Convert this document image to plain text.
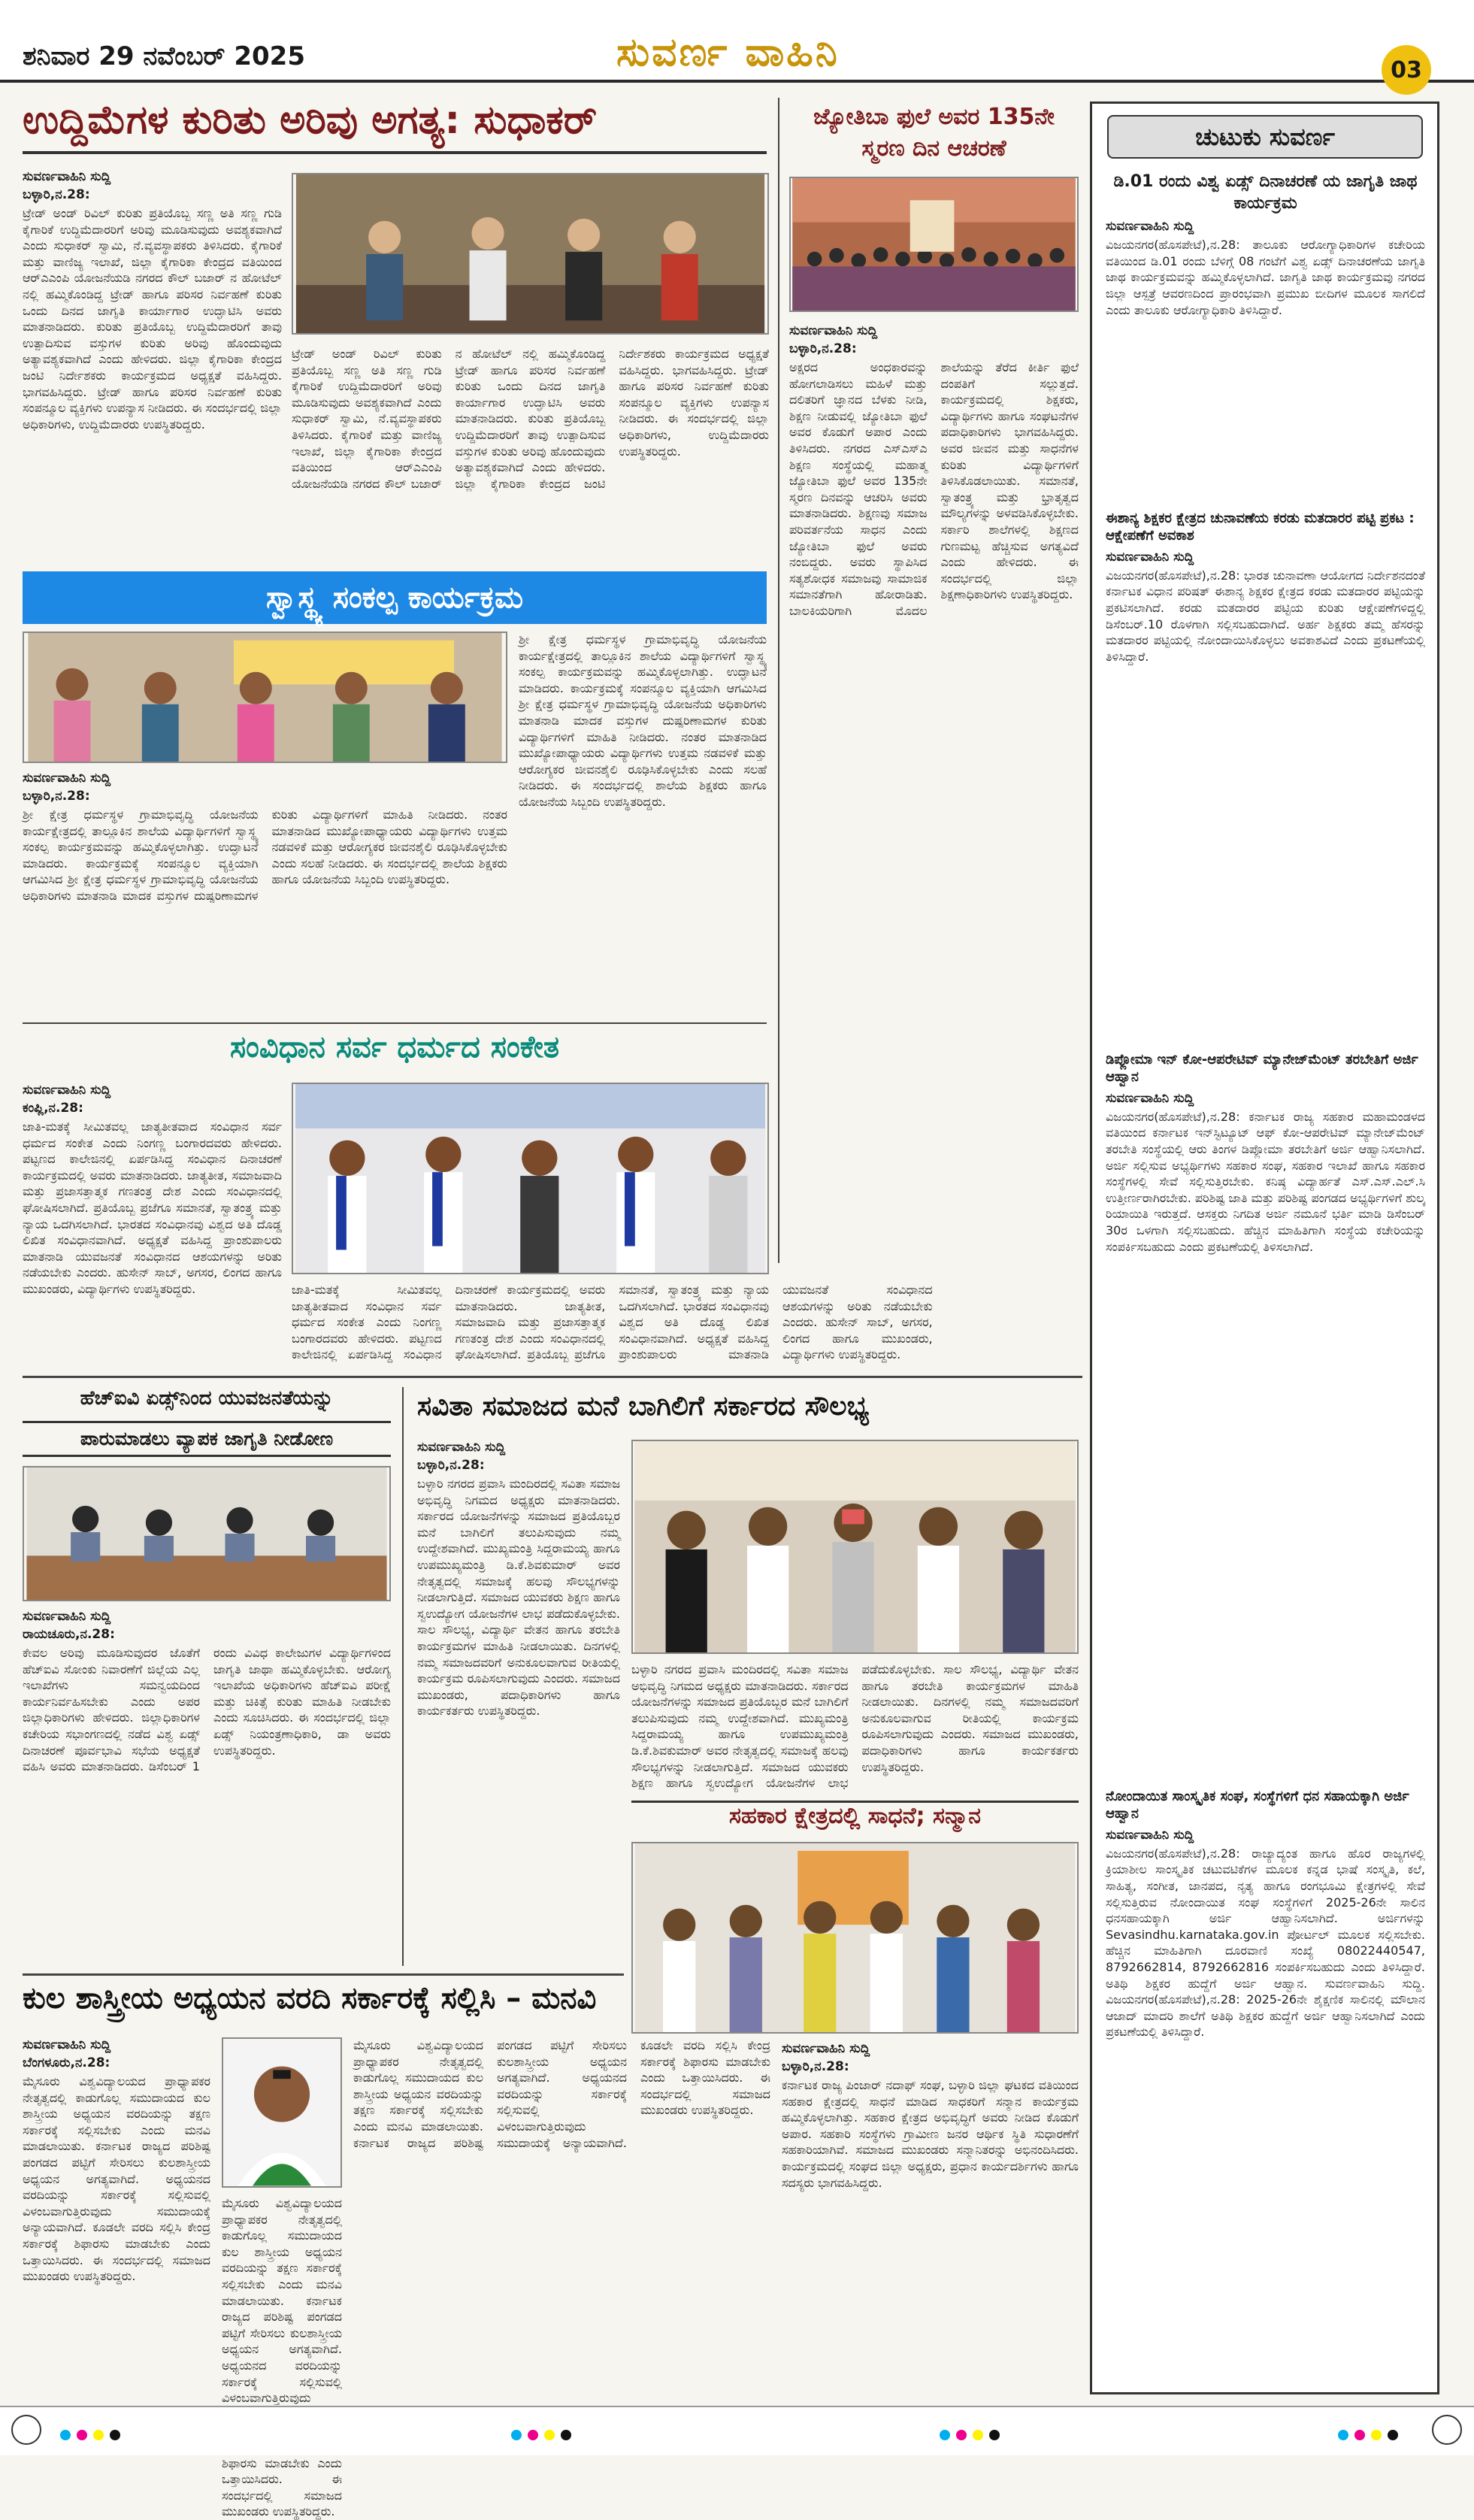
ಶನಿವಾರ 29 ನವೆಂಬರ್ 2025	ಸುವರ್ಣ ವಾಹಿನಿ	03
ಉದ್ದಿಮೆಗಳ ಕುರಿತು ಅರಿವು ಅಗತ್ಯ: ಸುಧಾಕರ್
ಸುವರ್ಣವಾಹಿನಿ ಸುದ್ದಿ
ಬಳ್ಳಾರಿ,ನ.28:
ಟ್ರೇಡ್ ಅಂಡ್ ರಿವಿಲ್ ಕುರಿತು ಪ್ರತಿಯೊಬ್ಬ ಸಣ್ಣ ಅತಿ ಸಣ್ಣ ಗುಡಿ ಕೈಗಾರಿಕೆ ಉದ್ದಿಮೆದಾರರಿಗೆ ಅರಿವು ಮೂಡಿಸುವುದು ಅವಶ್ಯಕವಾಗಿದೆ ಎಂದು ಸುಧಾಕರ್ ಸ್ವಾಮಿ, ನೆ.ವ್ಯವಸ್ಥಾಪಕರು ತಿಳಿಸಿದರು. ಕೈಗಾರಿಕೆ ಮತ್ತು ವಾಣಿಜ್ಯ ಇಲಾಖೆ, ಜಿಲ್ಲಾ ಕೈಗಾರಿಕಾ ಕೇಂದ್ರದ ವತಿಯಿಂದ ಆರ್‌ಎಎಂಪಿ ಯೋಜನೆಯಡಿ ನಗರದ ಕೌಲ್ ಬಜಾರ್ ನ ಹೋಟೆಲ್ ನಲ್ಲಿ ಹಮ್ಮಿಕೊಂಡಿದ್ದ ಟ್ರೇಡ್ ಹಾಗೂ ಪರಿಸರ ನಿರ್ವಹಣೆ ಕುರಿತು ಒಂದು ದಿನದ ಜಾಗೃತಿ ಕಾರ್ಯಾಗಾರ ಉದ್ಘಾಟಿಸಿ ಅವರು ಮಾತನಾಡಿದರು. ಕುರಿತು ಪ್ರತಿಯೊಬ್ಬ ಉದ್ದಿಮೆದಾರರಿಗೆ ತಾವು ಉತ್ಪಾದಿಸುವ ವಸ್ತುಗಳ ಕುರಿತು ಅರಿವು ಹೊಂದುವುದು ಅತ್ಯಾವಶ್ಯಕವಾಗಿದೆ ಎಂದು ಹೇಳಿದರು. ಜಿಲ್ಲಾ ಕೈಗಾರಿಕಾ ಕೇಂದ್ರದ ಜಂಟಿ ನಿರ್ದೇಶಕರು ಕಾರ್ಯಕ್ರಮದ ಅಧ್ಯಕ್ಷತೆ ವಹಿಸಿದ್ದರು. ಭಾಗವಹಿಸಿದ್ದರು. ಟ್ರೇಡ್ ಹಾಗೂ ಪರಿಸರ ನಿರ್ವಹಣೆ ಕುರಿತು ಸಂಪನ್ಮೂಲ ವ್ಯಕ್ತಿಗಳು ಉಪನ್ಯಾಸ ನೀಡಿದರು. ಈ ಸಂದರ್ಭದಲ್ಲಿ ಜಿಲ್ಲಾ ಅಧಿಕಾರಿಗಳು, ಉದ್ದಿಮೆದಾರರು ಉಪಸ್ಥಿತರಿದ್ದರು.
ಟ್ರೇಡ್ ಅಂಡ್ ರಿವಿಲ್ ಕುರಿತು ಪ್ರತಿಯೊಬ್ಬ ಸಣ್ಣ ಅತಿ ಸಣ್ಣ ಗುಡಿ ಕೈಗಾರಿಕೆ ಉದ್ದಿಮೆದಾರರಿಗೆ ಅರಿವು ಮೂಡಿಸುವುದು ಅವಶ್ಯಕವಾಗಿದೆ ಎಂದು ಸುಧಾಕರ್ ಸ್ವಾಮಿ, ನೆ.ವ್ಯವಸ್ಥಾಪಕರು ತಿಳಿಸಿದರು. ಕೈಗಾರಿಕೆ ಮತ್ತು ವಾಣಿಜ್ಯ ಇಲಾಖೆ, ಜಿಲ್ಲಾ ಕೈಗಾರಿಕಾ ಕೇಂದ್ರದ ವತಿಯಿಂದ ಆರ್‌ಎಎಂಪಿ ಯೋಜನೆಯಡಿ ನಗರದ ಕೌಲ್ ಬಜಾರ್ ನ ಹೋಟೆಲ್ ನಲ್ಲಿ ಹಮ್ಮಿಕೊಂಡಿದ್ದ ಟ್ರೇಡ್ ಹಾಗೂ ಪರಿಸರ ನಿರ್ವಹಣೆ ಕುರಿತು ಒಂದು ದಿನದ ಜಾಗೃತಿ ಕಾರ್ಯಾಗಾರ ಉದ್ಘಾಟಿಸಿ ಅವರು ಮಾತನಾಡಿದರು. ಕುರಿತು ಪ್ರತಿಯೊಬ್ಬ ಉದ್ದಿಮೆದಾರರಿಗೆ ತಾವು ಉತ್ಪಾದಿಸುವ ವಸ್ತುಗಳ ಕುರಿತು ಅರಿವು ಹೊಂದುವುದು ಅತ್ಯಾವಶ್ಯಕವಾಗಿದೆ ಎಂದು ಹೇಳಿದರು. ಜಿಲ್ಲಾ ಕೈಗಾರಿಕಾ ಕೇಂದ್ರದ ಜಂಟಿ ನಿರ್ದೇಶಕರು ಕಾರ್ಯಕ್ರಮದ ಅಧ್ಯಕ್ಷತೆ ವಹಿಸಿದ್ದರು. ಭಾಗವಹಿಸಿದ್ದರು. ಟ್ರೇಡ್ ಹಾಗೂ ಪರಿಸರ ನಿರ್ವಹಣೆ ಕುರಿತು ಸಂಪನ್ಮೂಲ ವ್ಯಕ್ತಿಗಳು ಉಪನ್ಯಾಸ ನೀಡಿದರು. ಈ ಸಂದರ್ಭದಲ್ಲಿ ಜಿಲ್ಲಾ ಅಧಿಕಾರಿಗಳು, ಉದ್ದಿಮೆದಾರರು ಉಪಸ್ಥಿತರಿದ್ದರು.
ಜ್ಯೋತಿಬಾ ಫುಲೆ ಅವರ 135ನೇ ಸ್ಮರಣ ದಿನ ಆಚರಣೆ
ಸುವರ್ಣವಾಹಿನಿ ಸುದ್ದಿ
ಬಳ್ಳಾರಿ,ನ.28:
ಅಕ್ಷರದ ಅಂಧಕಾರವನ್ನು ಹೋಗಲಾಡಿಸಲು ಮಹಿಳೆ ಮತ್ತು ದಲಿತರಿಗೆ ಜ್ಞಾನದ ಬೆಳಕು ನೀಡಿ, ಶಿಕ್ಷಣ ನೀಡುವಲ್ಲಿ ಜ್ಯೋತಿಬಾ ಫುಲೆ ಅವರ ಕೊಡುಗೆ ಅಪಾರ ಎಂದು ತಿಳಿಸಿದರು. ನಗರದ ಎಸ್ಎಸ್ಎ ಶಿಕ್ಷಣ ಸಂಸ್ಥೆಯಲ್ಲಿ ಮಹಾತ್ಮ ಜ್ಯೋತಿಬಾ ಫುಲೆ ಅವರ 135ನೇ ಸ್ಮರಣ ದಿನವನ್ನು ಆಚರಿಸಿ ಅವರು ಮಾತನಾಡಿದರು. ಶಿಕ್ಷಣವು ಸಮಾಜ ಪರಿವರ್ತನೆಯ ಸಾಧನ ಎಂದು ಜ್ಯೋತಿಬಾ ಫುಲೆ ಅವರು ನಂಬಿದ್ದರು. ಅವರು ಸ್ಥಾಪಿಸಿದ ಸತ್ಯಶೋಧಕ ಸಮಾಜವು ಸಾಮಾಜಿಕ ಸಮಾನತೆಗಾಗಿ ಹೋರಾಡಿತು. ಬಾಲಕಿಯರಿಗಾಗಿ ಮೊದಲ ಶಾಲೆಯನ್ನು ತೆರೆದ ಕೀರ್ತಿ ಫುಲೆ ದಂಪತಿಗೆ ಸಲ್ಲುತ್ತದೆ. ಕಾರ್ಯಕ್ರಮದಲ್ಲಿ ಶಿಕ್ಷಕರು, ವಿದ್ಯಾರ್ಥಿಗಳು ಹಾಗೂ ಸಂಘಟನೆಗಳ ಪದಾಧಿಕಾರಿಗಳು ಭಾಗವಹಿಸಿದ್ದರು. ಅವರ ಜೀವನ ಮತ್ತು ಸಾಧನೆಗಳ ಕುರಿತು ವಿದ್ಯಾರ್ಥಿಗಳಿಗೆ ತಿಳಿಸಿಕೊಡಲಾಯಿತು. ಸಮಾನತೆ, ಸ್ವಾತಂತ್ರ್ಯ ಮತ್ತು ಭ್ರಾತೃತ್ವದ ಮೌಲ್ಯಗಳನ್ನು ಅಳವಡಿಸಿಕೊಳ್ಳಬೇಕು. ಸರ್ಕಾರಿ ಶಾಲೆಗಳಲ್ಲಿ ಶಿಕ್ಷಣದ ಗುಣಮಟ್ಟ ಹೆಚ್ಚಿಸುವ ಅಗತ್ಯವಿದೆ ಎಂದು ಹೇಳಿದರು. ಈ ಸಂದರ್ಭದಲ್ಲಿ ಜಿಲ್ಲಾ ಶಿಕ್ಷಣಾಧಿಕಾರಿಗಳು ಉಪಸ್ಥಿತರಿದ್ದರು.
ಸ್ವಾಸ್ಥ್ಯ ಸಂಕಲ್ಪ ಕಾರ್ಯಕ್ರಮ
ಸುವರ್ಣವಾಹಿನಿ ಸುದ್ದಿ
ಬಳ್ಳಾರಿ,ನ.28:
ಶ್ರೀ ಕ್ಷೇತ್ರ ಧರ್ಮಸ್ಥಳ ಗ್ರಾಮಾಭಿವೃದ್ಧಿ ಯೋಜನೆಯ ಕಾರ್ಯಕ್ಷೇತ್ರದಲ್ಲಿ ತಾಲ್ಲೂಕಿನ ಶಾಲೆಯ ವಿದ್ಯಾರ್ಥಿಗಳಿಗೆ ಸ್ವಾಸ್ಥ್ಯ ಸಂಕಲ್ಪ ಕಾರ್ಯಕ್ರಮವನ್ನು ಹಮ್ಮಿಕೊಳ್ಳಲಾಗಿತ್ತು. ಉದ್ಘಾಟನೆ ಮಾಡಿದರು. ಕಾರ್ಯಕ್ರಮಕ್ಕೆ ಸಂಪನ್ಮೂಲ ವ್ಯಕ್ತಿಯಾಗಿ ಆಗಮಿಸಿದ ಶ್ರೀ ಕ್ಷೇತ್ರ ಧರ್ಮಸ್ಥಳ ಗ್ರಾಮಾಭಿವೃದ್ಧಿ ಯೋಜನೆಯ ಅಧಿಕಾರಿಗಳು ಮಾತನಾಡಿ ಮಾದಕ ವಸ್ತುಗಳ ದುಷ್ಪರಿಣಾಮಗಳ ಕುರಿತು ವಿದ್ಯಾರ್ಥಿಗಳಿಗೆ ಮಾಹಿತಿ ನೀಡಿದರು. ನಂತರ ಮಾತನಾಡಿದ ಮುಖ್ಯೋಪಾಧ್ಯಾಯರು ವಿದ್ಯಾರ್ಥಿಗಳು ಉತ್ತಮ ನಡವಳಿಕೆ ಮತ್ತು ಆರೋಗ್ಯಕರ ಜೀವನಶೈಲಿ ರೂಢಿಸಿಕೊಳ್ಳಬೇಕು ಎಂದು ಸಲಹೆ ನೀಡಿದರು. ಈ ಸಂದರ್ಭದಲ್ಲಿ ಶಾಲೆಯ ಶಿಕ್ಷಕರು ಹಾಗೂ ಯೋಜನೆಯ ಸಿಬ್ಬಂದಿ ಉಪಸ್ಥಿತರಿದ್ದರು.
ಶ್ರೀ ಕ್ಷೇತ್ರ ಧರ್ಮಸ್ಥಳ ಗ್ರಾಮಾಭಿವೃದ್ಧಿ ಯೋಜನೆಯ ಕಾರ್ಯಕ್ಷೇತ್ರದಲ್ಲಿ ತಾಲ್ಲೂಕಿನ ಶಾಲೆಯ ವಿದ್ಯಾರ್ಥಿಗಳಿಗೆ ಸ್ವಾಸ್ಥ್ಯ ಸಂಕಲ್ಪ ಕಾರ್ಯಕ್ರಮವನ್ನು ಹಮ್ಮಿಕೊಳ್ಳಲಾಗಿತ್ತು. ಉದ್ಘಾಟನೆ ಮಾಡಿದರು. ಕಾರ್ಯಕ್ರಮಕ್ಕೆ ಸಂಪನ್ಮೂಲ ವ್ಯಕ್ತಿಯಾಗಿ ಆಗಮಿಸಿದ ಶ್ರೀ ಕ್ಷೇತ್ರ ಧರ್ಮಸ್ಥಳ ಗ್ರಾಮಾಭಿವೃದ್ಧಿ ಯೋಜನೆಯ ಅಧಿಕಾರಿಗಳು ಮಾತನಾಡಿ ಮಾದಕ ವಸ್ತುಗಳ ದುಷ್ಪರಿಣಾಮಗಳ ಕುರಿತು ವಿದ್ಯಾರ್ಥಿಗಳಿಗೆ ಮಾಹಿತಿ ನೀಡಿದರು. ನಂತರ ಮಾತನಾಡಿದ ಮುಖ್ಯೋಪಾಧ್ಯಾಯರು ವಿದ್ಯಾರ್ಥಿಗಳು ಉತ್ತಮ ನಡವಳಿಕೆ ಮತ್ತು ಆರೋಗ್ಯಕರ ಜೀವನಶೈಲಿ ರೂಢಿಸಿಕೊಳ್ಳಬೇಕು ಎಂದು ಸಲಹೆ ನೀಡಿದರು. ಈ ಸಂದರ್ಭದಲ್ಲಿ ಶಾಲೆಯ ಶಿಕ್ಷಕರು ಹಾಗೂ ಯೋಜನೆಯ ಸಿಬ್ಬಂದಿ ಉಪಸ್ಥಿತರಿದ್ದರು.
ಸಂವಿಧಾನ ಸರ್ವ ಧರ್ಮದ ಸಂಕೇತ
ಸುವರ್ಣವಾಹಿನಿ ಸುದ್ದಿ
ಕಂಪ್ಲಿ,ನ.28:
ಜಾತಿ-ಮತಕ್ಕೆ ಸೀಮಿತವಲ್ಲ ಜಾತ್ಯತೀತವಾದ ಸಂವಿಧಾನ ಸರ್ವ ಧರ್ಮದ ಸಂಕೇತ ಎಂದು ನಿಂಗಣ್ಣ ಬಂಗಾರದವರು ಹೇಳಿದರು. ಪಟ್ಟಣದ ಕಾಲೇಜಿನಲ್ಲಿ ಏರ್ಪಡಿಸಿದ್ದ ಸಂವಿಧಾನ ದಿನಾಚರಣೆ ಕಾರ್ಯಕ್ರಮದಲ್ಲಿ ಅವರು ಮಾತನಾಡಿದರು. ಜಾತ್ಯತೀತ, ಸಮಾಜವಾದಿ ಮತ್ತು ಪ್ರಜಾಸತ್ತಾತ್ಮಕ ಗಣತಂತ್ರ ದೇಶ ಎಂದು ಸಂವಿಧಾನದಲ್ಲಿ ಘೋಷಿಸಲಾಗಿದೆ. ಪ್ರತಿಯೊಬ್ಬ ಪ್ರಜೆಗೂ ಸಮಾನತೆ, ಸ್ವಾತಂತ್ರ್ಯ ಮತ್ತು ನ್ಯಾಯ ಒದಗಿಸಲಾಗಿದೆ. ಭಾರತದ ಸಂವಿಧಾನವು ವಿಶ್ವದ ಅತಿ ದೊಡ್ಡ ಲಿಖಿತ ಸಂವಿಧಾನವಾಗಿದೆ. ಅಧ್ಯಕ್ಷತೆ ವಹಿಸಿದ್ದ ಪ್ರಾಂಶುಪಾಲರು ಮಾತನಾಡಿ ಯುವಜನತೆ ಸಂವಿಧಾನದ ಆಶಯಗಳನ್ನು ಅರಿತು ನಡೆಯಬೇಕು ಎಂದರು. ಹುಸೇನ್ ಸಾಬ್, ಅಗಸರ, ಲಿಂಗದ ಹಾಗೂ ಮುಖಂಡರು, ವಿದ್ಯಾರ್ಥಿಗಳು ಉಪಸ್ಥಿತರಿದ್ದರು.	ಜಾತಿ-ಮತಕ್ಕೆ ಸೀಮಿತವಲ್ಲ ಜಾತ್ಯತೀತವಾದ ಸಂವಿಧಾನ ಸರ್ವ ಧರ್ಮದ ಸಂಕೇತ ಎಂದು ನಿಂಗಣ್ಣ ಬಂಗಾರದವರು ಹೇಳಿದರು. ಪಟ್ಟಣದ ಕಾಲೇಜಿನಲ್ಲಿ ಏರ್ಪಡಿಸಿದ್ದ ಸಂವಿಧಾನ ದಿನಾಚರಣೆ ಕಾರ್ಯಕ್ರಮದಲ್ಲಿ ಅವರು ಮಾತನಾಡಿದರು. ಜಾತ್ಯತೀತ, ಸಮಾಜವಾದಿ ಮತ್ತು ಪ್ರಜಾಸತ್ತಾತ್ಮಕ ಗಣತಂತ್ರ ದೇಶ ಎಂದು ಸಂವಿಧಾನದಲ್ಲಿ ಘೋಷಿಸಲಾಗಿದೆ. ಪ್ರತಿಯೊಬ್ಬ ಪ್ರಜೆಗೂ ಸಮಾನತೆ, ಸ್ವಾತಂತ್ರ್ಯ ಮತ್ತು ನ್ಯಾಯ ಒದಗಿಸಲಾಗಿದೆ. ಭಾರತದ ಸಂವಿಧಾನವು ವಿಶ್ವದ ಅತಿ ದೊಡ್ಡ ಲಿಖಿತ ಸಂವಿಧಾನವಾಗಿದೆ. ಅಧ್ಯಕ್ಷತೆ ವಹಿಸಿದ್ದ ಪ್ರಾಂಶುಪಾಲರು ಮಾತನಾಡಿ ಯುವಜನತೆ ಸಂವಿಧಾನದ ಆಶಯಗಳನ್ನು ಅರಿತು ನಡೆಯಬೇಕು ಎಂದರು. ಹುಸೇನ್ ಸಾಬ್, ಅಗಸರ, ಲಿಂಗದ ಹಾಗೂ ಮುಖಂಡರು, ವಿದ್ಯಾರ್ಥಿಗಳು ಉಪಸ್ಥಿತರಿದ್ದರು.
ಹೆಚ್‌ಐವಿ ಏಡ್ಸ್‌ನಿಂದ ಯುವಜನತೆಯನ್ನು
ಪಾರುಮಾಡಲು ವ್ಯಾಪಕ ಜಾಗೃತಿ ನೀಡೋಣ
ಸುವರ್ಣವಾಹಿನಿ ಸುದ್ದಿ
ರಾಯಚೂರು,ನ.28:
ಕೇವಲ ಅರಿವು ಮೂಡಿಸುವುದರ ಜೊತೆಗೆ ಹೆಚ್‌ಐವಿ ಸೋಂಕು ನಿವಾರಣೆಗೆ ಜಿಲ್ಲೆಯ ಎಲ್ಲ ಇಲಾಖೆಗಳು ಸಮನ್ವಯದಿಂದ ಕಾರ್ಯನಿರ್ವಹಿಸಬೇಕು ಎಂದು ಅಪರ ಜಿಲ್ಲಾಧಿಕಾರಿಗಳು ಹೇಳಿದರು. ಜಿಲ್ಲಾಧಿಕಾರಿಗಳ ಕಚೇರಿಯ ಸಭಾಂಗಣದಲ್ಲಿ ನಡೆದ ವಿಶ್ವ ಏಡ್ಸ್ ದಿನಾಚರಣೆ ಪೂರ್ವಭಾವಿ ಸಭೆಯ ಅಧ್ಯಕ್ಷತೆ ವಹಿಸಿ ಅವರು ಮಾತನಾಡಿದರು. ಡಿಸೆಂಬರ್ 1 ರಂದು ವಿವಿಧ ಕಾಲೇಜುಗಳ ವಿದ್ಯಾರ್ಥಿಗಳಿಂದ ಜಾಗೃತಿ ಜಾಥಾ ಹಮ್ಮಿಕೊಳ್ಳಬೇಕು. ಆರೋಗ್ಯ ಇಲಾಖೆಯ ಅಧಿಕಾರಿಗಳು ಹೆಚ್‌ಐವಿ ಪರೀಕ್ಷೆ ಮತ್ತು ಚಿಕಿತ್ಸೆ ಕುರಿತು ಮಾಹಿತಿ ನೀಡಬೇಕು ಎಂದು ಸೂಚಿಸಿದರು. ಈ ಸಂದರ್ಭದಲ್ಲಿ ಜಿಲ್ಲಾ ಏಡ್ಸ್ ನಿಯಂತ್ರಣಾಧಿಕಾರಿ, ಡಾ ಅವರು ಉಪಸ್ಥಿತರಿದ್ದರು.
ಸವಿತಾ ಸಮಾಜದ ಮನೆ ಬಾಗಿಲಿಗೆ ಸರ್ಕಾರದ ಸೌಲಭ್ಯ
ಸುವರ್ಣವಾಹಿನಿ ಸುದ್ದಿ
ಬಳ್ಳಾರಿ,ನ.28:
ಬಳ್ಳಾರಿ ನಗರದ ಪ್ರವಾಸಿ ಮಂದಿರದಲ್ಲಿ ಸವಿತಾ ಸಮಾಜ ಅಭಿವೃದ್ಧಿ ನಿಗಮದ ಅಧ್ಯಕ್ಷರು ಮಾತನಾಡಿದರು. ಸರ್ಕಾರದ ಯೋಜನೆಗಳನ್ನು ಸಮಾಜದ ಪ್ರತಿಯೊಬ್ಬರ ಮನೆ ಬಾಗಿಲಿಗೆ ತಲುಪಿಸುವುದು ನಮ್ಮ ಉದ್ದೇಶವಾಗಿದೆ. ಮುಖ್ಯಮಂತ್ರಿ ಸಿದ್ದರಾಮಯ್ಯ ಹಾಗೂ ಉಪಮುಖ್ಯಮಂತ್ರಿ ಡಿ.ಕೆ.ಶಿವಕುಮಾರ್ ಅವರ ನೇತೃತ್ವದಲ್ಲಿ ಸಮಾಜಕ್ಕೆ ಹಲವು ಸೌಲಭ್ಯಗಳನ್ನು ನೀಡಲಾಗುತ್ತಿದೆ. ಸಮಾಜದ ಯುವಕರು ಶಿಕ್ಷಣ ಹಾಗೂ ಸ್ವಉದ್ಯೋಗ ಯೋಜನೆಗಳ ಲಾಭ ಪಡೆದುಕೊಳ್ಳಬೇಕು. ಸಾಲ ಸೌಲಭ್ಯ, ವಿದ್ಯಾರ್ಥಿ ವೇತನ ಹಾಗೂ ತರಬೇತಿ ಕಾರ್ಯಕ್ರಮಗಳ ಮಾಹಿತಿ ನೀಡಲಾಯಿತು. ದಿನಗಳಲ್ಲಿ ನಮ್ಮ ಸಮಾಜದವರಿಗೆ ಅನುಕೂಲವಾಗುವ ರೀತಿಯಲ್ಲಿ ಕಾರ್ಯಕ್ರಮ ರೂಪಿಸಲಾಗುವುದು ಎಂದರು. ಸಮಾಜದ ಮುಖಂಡರು, ಪದಾಧಿಕಾರಿಗಳು ಹಾಗೂ ಕಾರ್ಯಕರ್ತರು ಉಪಸ್ಥಿತರಿದ್ದರು.
ಬಳ್ಳಾರಿ ನಗರದ ಪ್ರವಾಸಿ ಮಂದಿರದಲ್ಲಿ ಸವಿತಾ ಸಮಾಜ ಅಭಿವೃದ್ಧಿ ನಿಗಮದ ಅಧ್ಯಕ್ಷರು ಮಾತನಾಡಿದರು. ಸರ್ಕಾರದ ಯೋಜನೆಗಳನ್ನು ಸಮಾಜದ ಪ್ರತಿಯೊಬ್ಬರ ಮನೆ ಬಾಗಿಲಿಗೆ ತಲುಪಿಸುವುದು ನಮ್ಮ ಉದ್ದೇಶವಾಗಿದೆ. ಮುಖ್ಯಮಂತ್ರಿ ಸಿದ್ದರಾಮಯ್ಯ ಹಾಗೂ ಉಪಮುಖ್ಯಮಂತ್ರಿ ಡಿ.ಕೆ.ಶಿವಕುಮಾರ್ ಅವರ ನೇತೃತ್ವದಲ್ಲಿ ಸಮಾಜಕ್ಕೆ ಹಲವು ಸೌಲಭ್ಯಗಳನ್ನು ನೀಡಲಾಗುತ್ತಿದೆ. ಸಮಾಜದ ಯುವಕರು ಶಿಕ್ಷಣ ಹಾಗೂ ಸ್ವಉದ್ಯೋಗ ಯೋಜನೆಗಳ ಲಾಭ ಪಡೆದುಕೊಳ್ಳಬೇಕು. ಸಾಲ ಸೌಲಭ್ಯ, ವಿದ್ಯಾರ್ಥಿ ವೇತನ ಹಾಗೂ ತರಬೇತಿ ಕಾರ್ಯಕ್ರಮಗಳ ಮಾಹಿತಿ ನೀಡಲಾಯಿತು. ದಿನಗಳಲ್ಲಿ ನಮ್ಮ ಸಮಾಜದವರಿಗೆ ಅನುಕೂಲವಾಗುವ ರೀತಿಯಲ್ಲಿ ಕಾರ್ಯಕ್ರಮ ರೂಪಿಸಲಾಗುವುದು ಎಂದರು. ಸಮಾಜದ ಮುಖಂಡರು, ಪದಾಧಿಕಾರಿಗಳು ಹಾಗೂ ಕಾರ್ಯಕರ್ತರು ಉಪಸ್ಥಿತರಿದ್ದರು.
ಸಹಕಾರ ಕ್ಷೇತ್ರದಲ್ಲಿ ಸಾಧನೆ; ಸನ್ಮಾನ
ಕುಲ ಶಾಸ್ತ್ರೀಯ ಅಧ್ಯಯನ ವರದಿ ಸರ್ಕಾರಕ್ಕೆ ಸಲ್ಲಿಸಿ – ಮನವಿ
ಸುವರ್ಣವಾಹಿನಿ ಸುದ್ದಿ
ಬೆಂಗಳೂರು,ನ.28:
ಮೈಸೂರು ವಿಶ್ವವಿದ್ಯಾಲಯದ ಪ್ರಾಧ್ಯಾಪಕರ ನೇತೃತ್ವದಲ್ಲಿ ಕಾಡುಗೊಲ್ಲ ಸಮುದಾಯದ ಕುಲ ಶಾಸ್ತ್ರೀಯ ಅಧ್ಯಯನ ವರದಿಯನ್ನು ತಕ್ಷಣ ಸರ್ಕಾರಕ್ಕೆ ಸಲ್ಲಿಸಬೇಕು ಎಂದು ಮನವಿ ಮಾಡಲಾಯಿತು. ಕರ್ನಾಟಕ ರಾಜ್ಯದ ಪರಿಶಿಷ್ಟ ಪಂಗಡದ ಪಟ್ಟಿಗೆ ಸೇರಿಸಲು ಕುಲಶಾಸ್ತ್ರೀಯ ಅಧ್ಯಯನ ಅಗತ್ಯವಾಗಿದೆ. ಅಧ್ಯಯನದ ವರದಿಯನ್ನು ಸರ್ಕಾರಕ್ಕೆ ಸಲ್ಲಿಸುವಲ್ಲಿ ವಿಳಂಬವಾಗುತ್ತಿರುವುದು ಸಮುದಾಯಕ್ಕೆ ಅನ್ಯಾಯವಾಗಿದೆ. ಕೂಡಲೇ ವರದಿ ಸಲ್ಲಿಸಿ ಕೇಂದ್ರ ಸರ್ಕಾರಕ್ಕೆ ಶಿಫಾರಸು ಮಾಡಬೇಕು ಎಂದು ಒತ್ತಾಯಿಸಿದರು. ಈ ಸಂದರ್ಭದಲ್ಲಿ ಸಮಾಜದ ಮುಖಂಡರು ಉಪಸ್ಥಿತರಿದ್ದರು.
ಮೈಸೂರು ವಿಶ್ವವಿದ್ಯಾಲಯದ ಪ್ರಾಧ್ಯಾಪಕರ ನೇತೃತ್ವದಲ್ಲಿ ಕಾಡುಗೊಲ್ಲ ಸಮುದಾಯದ ಕುಲ ಶಾಸ್ತ್ರೀಯ ಅಧ್ಯಯನ ವರದಿಯನ್ನು ತಕ್ಷಣ ಸರ್ಕಾರಕ್ಕೆ ಸಲ್ಲಿಸಬೇಕು ಎಂದು ಮನವಿ ಮಾಡಲಾಯಿತು. ಕರ್ನಾಟಕ ರಾಜ್ಯದ ಪರಿಶಿಷ್ಟ ಪಂಗಡದ ಪಟ್ಟಿಗೆ ಸೇರಿಸಲು ಕುಲಶಾಸ್ತ್ರೀಯ ಅಧ್ಯಯನ ಅಗತ್ಯವಾಗಿದೆ. ಅಧ್ಯಯನದ ವರದಿಯನ್ನು ಸರ್ಕಾರಕ್ಕೆ ಸಲ್ಲಿಸುವಲ್ಲಿ ವಿಳಂಬವಾಗುತ್ತಿರುವುದು ಸಮುದಾಯಕ್ಕೆ ಅನ್ಯಾಯವಾಗಿದೆ. ಕೂಡಲೇ ವರದಿ ಸಲ್ಲಿಸಿ ಕೇಂದ್ರ ಸರ್ಕಾರಕ್ಕೆ ಶಿಫಾರಸು ಮಾಡಬೇಕು ಎಂದು ಒತ್ತಾಯಿಸಿದರು. ಈ ಸಂದರ್ಭದಲ್ಲಿ ಸಮಾಜದ ಮುಖಂಡರು ಉಪಸ್ಥಿತರಿದ್ದರು.
ಮೈಸೂರು ವಿಶ್ವವಿದ್ಯಾಲಯದ ಪ್ರಾಧ್ಯಾಪಕರ ನೇತೃತ್ವದಲ್ಲಿ ಕಾಡುಗೊಲ್ಲ ಸಮುದಾಯದ ಕುಲ ಶಾಸ್ತ್ರೀಯ ಅಧ್ಯಯನ ವರದಿಯನ್ನು ತಕ್ಷಣ ಸರ್ಕಾರಕ್ಕೆ ಸಲ್ಲಿಸಬೇಕು ಎಂದು ಮನವಿ ಮಾಡಲಾಯಿತು. ಕರ್ನಾಟಕ ರಾಜ್ಯದ ಪರಿಶಿಷ್ಟ ಪಂಗಡದ ಪಟ್ಟಿಗೆ ಸೇರಿಸಲು ಕುಲಶಾಸ್ತ್ರೀಯ ಅಧ್ಯಯನ ಅಗತ್ಯವಾಗಿದೆ. ಅಧ್ಯಯನದ ವರದಿಯನ್ನು ಸರ್ಕಾರಕ್ಕೆ ಸಲ್ಲಿಸುವಲ್ಲಿ ವಿಳಂಬವಾಗುತ್ತಿರುವುದು ಶಿಫಾರಸು ಮಾಡಬೇಕು ಎಂದು ಒತ್ತಾಯಿಸಿದರು. ಈ ಸಂದರ್ಭದಲ್ಲಿ ಸಮಾಜದ ಮುಖಂಡರು ಉಪಸ್ಥಿತರಿದ್ದರು.
ಸುವರ್ಣವಾಹಿನಿ ಸುದ್ದಿ
ಬಳ್ಳಾರಿ,ನ.28:
ಕರ್ನಾಟಕ ರಾಜ್ಯ ಪಿಂಜಾರ್ ನದಾಫ್ ಸಂಘ, ಬಳ್ಳಾರಿ ಜಿಲ್ಲಾ ಘಟಕದ ವತಿಯಿಂದ ಸಹಕಾರ ಕ್ಷೇತ್ರದಲ್ಲಿ ಸಾಧನೆ ಮಾಡಿದ ಸಾಧಕರಿಗೆ ಸನ್ಮಾನ ಕಾರ್ಯಕ್ರಮ ಹಮ್ಮಿಕೊಳ್ಳಲಾಗಿತ್ತು. ಸಹಕಾರ ಕ್ಷೇತ್ರದ ಅಭಿವೃದ್ಧಿಗೆ ಅವರು ನೀಡಿದ ಕೊಡುಗೆ ಅಪಾರ. ಸಹಕಾರಿ ಸಂಸ್ಥೆಗಳು ಗ್ರಾಮೀಣ ಜನರ ಆರ್ಥಿಕ ಸ್ಥಿತಿ ಸುಧಾರಣೆಗೆ ಸಹಕಾರಿಯಾಗಿವೆ. ಸಮಾಜದ ಮುಖಂಡರು ಸನ್ಮಾನಿತರನ್ನು ಅಭಿನಂದಿಸಿದರು. ಕಾರ್ಯಕ್ರಮದಲ್ಲಿ ಸಂಘದ ಜಿಲ್ಲಾ ಅಧ್ಯಕ್ಷರು, ಪ್ರಧಾನ ಕಾರ್ಯದರ್ಶಿಗಳು ಹಾಗೂ ಸದಸ್ಯರು ಭಾಗವಹಿಸಿದ್ದರು.
ಚುಟುಕು ಸುವರ್ಣ
ಡಿ.01 ರಂದು ವಿಶ್ವ ಏಡ್ಸ್ ದಿನಾಚರಣೆ ಯ ಜಾಗೃತಿ ಜಾಥ ಕಾರ್ಯಕ್ರಮ
ಸುವರ್ಣವಾಹಿನಿ ಸುದ್ದಿ
ವಿಜಯನಗರ(ಹೊಸಪೇಟೆ),ನ.28: ತಾಲೂಕು ಆರೋಗ್ಯಾಧಿಕಾರಿಗಳ ಕಚೇರಿಯ ವತಿಯಿಂದ ಡಿ.01 ರಂದು ಬೆಳಿಗ್ಗೆ 08 ಗಂಟೆಗೆ ವಿಶ್ವ ಏಡ್ಸ್ ದಿನಾಚರಣೆಯ ಜಾಗೃತಿ ಜಾಥ ಕಾರ್ಯಕ್ರಮವನ್ನು ಹಮ್ಮಿಕೊಳ್ಳಲಾಗಿದೆ. ಜಾಗೃತಿ ಜಾಥ ಕಾರ್ಯಕ್ರಮವು ನಗರದ ಜಿಲ್ಲಾ ಆಸ್ಪತ್ರೆ ಆವರಣದಿಂದ ಪ್ರಾರಂಭವಾಗಿ ಪ್ರಮುಖ ಬೀದಿಗಳ ಮೂಲಕ ಸಾಗಲಿದೆ ಎಂದು ತಾಲೂಕು ಆರೋಗ್ಯಾಧಿಕಾರಿ ತಿಳಿಸಿದ್ದಾರೆ.
ಈಶಾನ್ಯ ಶಿಕ್ಷಕರ ಕ್ಷೇತ್ರದ ಚುನಾವಣೆಯ ಕರಡು ಮತದಾರರ ಪಟ್ಟಿ ಪ್ರಕಟ : ಆಕ್ಷೇಪಣೆಗೆ ಅವಕಾಶ
ಸುವರ್ಣವಾಹಿನಿ ಸುದ್ದಿ
ವಿಜಯನಗರ(ಹೊಸಪೇಟೆ),ನ.28: ಭಾರತ ಚುನಾವಣಾ ಆಯೋಗದ ನಿರ್ದೇಶನದಂತೆ ಕರ್ನಾಟಕ ವಿಧಾನ ಪರಿಷತ್ ಈಶಾನ್ಯ ಶಿಕ್ಷಕರ ಕ್ಷೇತ್ರದ ಕರಡು ಮತದಾರರ ಪಟ್ಟಿಯನ್ನು ಪ್ರಕಟಿಸಲಾಗಿದೆ. ಕರಡು ಮತದಾರರ ಪಟ್ಟಿಯ ಕುರಿತು ಆಕ್ಷೇಪಣೆಗಳಿದ್ದಲ್ಲಿ ಡಿಸೆಂಬರ್.10 ರೊಳಗಾಗಿ ಸಲ್ಲಿಸಬಹುದಾಗಿದೆ. ಅರ್ಹ ಶಿಕ್ಷಕರು ತಮ್ಮ ಹೆಸರನ್ನು ಮತದಾರರ ಪಟ್ಟಿಯಲ್ಲಿ ನೋಂದಾಯಿಸಿಕೊಳ್ಳಲು ಅವಕಾಶವಿದೆ ಎಂದು ಪ್ರಕಟಣೆಯಲ್ಲಿ ತಿಳಿಸಿದ್ದಾರೆ.
ಡಿಪ್ಲೋಮಾ ಇನ್ ಕೋ-ಆಪರೇಟಿವ್ ಮ್ಯಾನೇಜ್‌ಮೆಂಟ್ ತರಬೇತಿಗೆ ಅರ್ಜಿ ಆಹ್ವಾನ
ಸುವರ್ಣವಾಹಿನಿ ಸುದ್ದಿ
ವಿಜಯನಗರ(ಹೊಸಪೇಟೆ),ನ.28: ಕರ್ನಾಟಕ ರಾಜ್ಯ ಸಹಕಾರ ಮಹಾಮಂಡಳದ ವತಿಯಿಂದ ಕರ್ನಾಟಕ ಇನ್‌ಸ್ಟಿಟ್ಯೂಟ್ ಆಫ್ ಕೋ-ಆಪರೇಟಿವ್ ಮ್ಯಾನೇಜ್‌ಮೆಂಟ್ ತರಬೇತಿ ಸಂಸ್ಥೆಯಲ್ಲಿ ಆರು ತಿಂಗಳ ಡಿಪ್ಲೋಮಾ ತರಬೇತಿಗೆ ಅರ್ಜಿ ಆಹ್ವಾನಿಸಲಾಗಿದೆ. ಅರ್ಜಿ ಸಲ್ಲಿಸುವ ಅಭ್ಯರ್ಥಿಗಳು ಸಹಕಾರ ಸಂಘ, ಸಹಕಾರ ಇಲಾಖೆ ಹಾಗೂ ಸಹಕಾರ ಸಂಸ್ಥೆಗಳಲ್ಲಿ ಸೇವೆ ಸಲ್ಲಿಸುತ್ತಿರಬೇಕು. ಕನಿಷ್ಠ ವಿದ್ಯಾರ್ಹತೆ ಎಸ್.ಎಸ್.ಎಲ್.ಸಿ ಉತ್ತೀರ್ಣರಾಗಿರಬೇಕು. ಪರಿಶಿಷ್ಟ ಜಾತಿ ಮತ್ತು ಪರಿಶಿಷ್ಟ ಪಂಗಡದ ಅಭ್ಯರ್ಥಿಗಳಿಗೆ ಶುಲ್ಕ ರಿಯಾಯಿತಿ ಇರುತ್ತದೆ. ಆಸಕ್ತರು ನಿಗದಿತ ಅರ್ಜಿ ನಮೂನೆ ಭರ್ತಿ ಮಾಡಿ ಡಿಸೆಂಬರ್ 30ರ ಒಳಗಾಗಿ ಸಲ್ಲಿಸಬಹುದು. ಹೆಚ್ಚಿನ ಮಾಹಿತಿಗಾಗಿ ಸಂಸ್ಥೆಯ ಕಚೇರಿಯನ್ನು ಸಂಪರ್ಕಿಸಬಹುದು ಎಂದು ಪ್ರಕಟಣೆಯಲ್ಲಿ ತಿಳಿಸಲಾಗಿದೆ.
ನೋಂದಾಯಿತ ಸಾಂಸ್ಕೃತಿಕ ಸಂಘ, ಸಂಸ್ಥೆಗಳಿಗೆ ಧನ ಸಹಾಯಕ್ಕಾಗಿ ಅರ್ಜಿ ಆಹ್ವಾನ
ಸುವರ್ಣವಾಹಿನಿ ಸುದ್ದಿ
ವಿಜಯನಗರ(ಹೊಸಪೇಟೆ),ನ.28: ರಾಜ್ಯಾದ್ಯಂತ ಹಾಗೂ ಹೊರ ರಾಜ್ಯಗಳಲ್ಲಿ ಕ್ರಿಯಾಶೀಲ ಸಾಂಸ್ಕೃತಿಕ ಚಟುವಟಿಕೆಗಳ ಮೂಲಕ ಕನ್ನಡ ಭಾಷೆ ಸಂಸ್ಕೃತಿ, ಕಲೆ, ಸಾಹಿತ್ಯ, ಸಂಗೀತ, ಜಾನಪದ, ನೃತ್ಯ ಹಾಗೂ ರಂಗಭೂಮಿ ಕ್ಷೇತ್ರಗಳಲ್ಲಿ ಸೇವೆ ಸಲ್ಲಿಸುತ್ತಿರುವ ನೋಂದಾಯಿತ ಸಂಘ ಸಂಸ್ಥೆಗಳಿಗೆ 2025-26ನೇ ಸಾಲಿನ ಧನಸಹಾಯಕ್ಕಾಗಿ ಅರ್ಜಿ ಆಹ್ವಾನಿಸಲಾಗಿದೆ. ಅರ್ಜಿಗಳನ್ನು Sevasindhu.karnataka.gov.in ಪೋರ್ಟಲ್ ಮೂಲಕ ಸಲ್ಲಿಸಬೇಕು. ಹೆಚ್ಚಿನ ಮಾಹಿತಿಗಾಗಿ ದೂರವಾಣಿ ಸಂಖ್ಯೆ 08022440547, 8792662814, 8792662816 ಸಂಪರ್ಕಿಸಬಹುದು ಎಂದು ತಿಳಿಸಿದ್ದಾರೆ. ಅತಿಥಿ ಶಿಕ್ಷಕರ ಹುದ್ದೆಗೆ ಅರ್ಜಿ ಆಹ್ವಾನ. ಸುವರ್ಣವಾಹಿನಿ ಸುದ್ದಿ. ವಿಜಯನಗರ(ಹೊಸಪೇಟೆ),ನ.28: 2025-26ನೇ ಶೈಕ್ಷಣಿಕ ಸಾಲಿನಲ್ಲಿ ಮೌಲಾನ ಆಜಾದ್ ಮಾದರಿ ಶಾಲೆಗೆ ಅತಿಥಿ ಶಿಕ್ಷಕರ ಹುದ್ದೆಗೆ ಅರ್ಜಿ ಆಹ್ವಾನಿಸಲಾಗಿದೆ ಎಂದು ಪ್ರಕಟಣೆಯಲ್ಲಿ ತಿಳಿಸಿದ್ದಾರೆ.
